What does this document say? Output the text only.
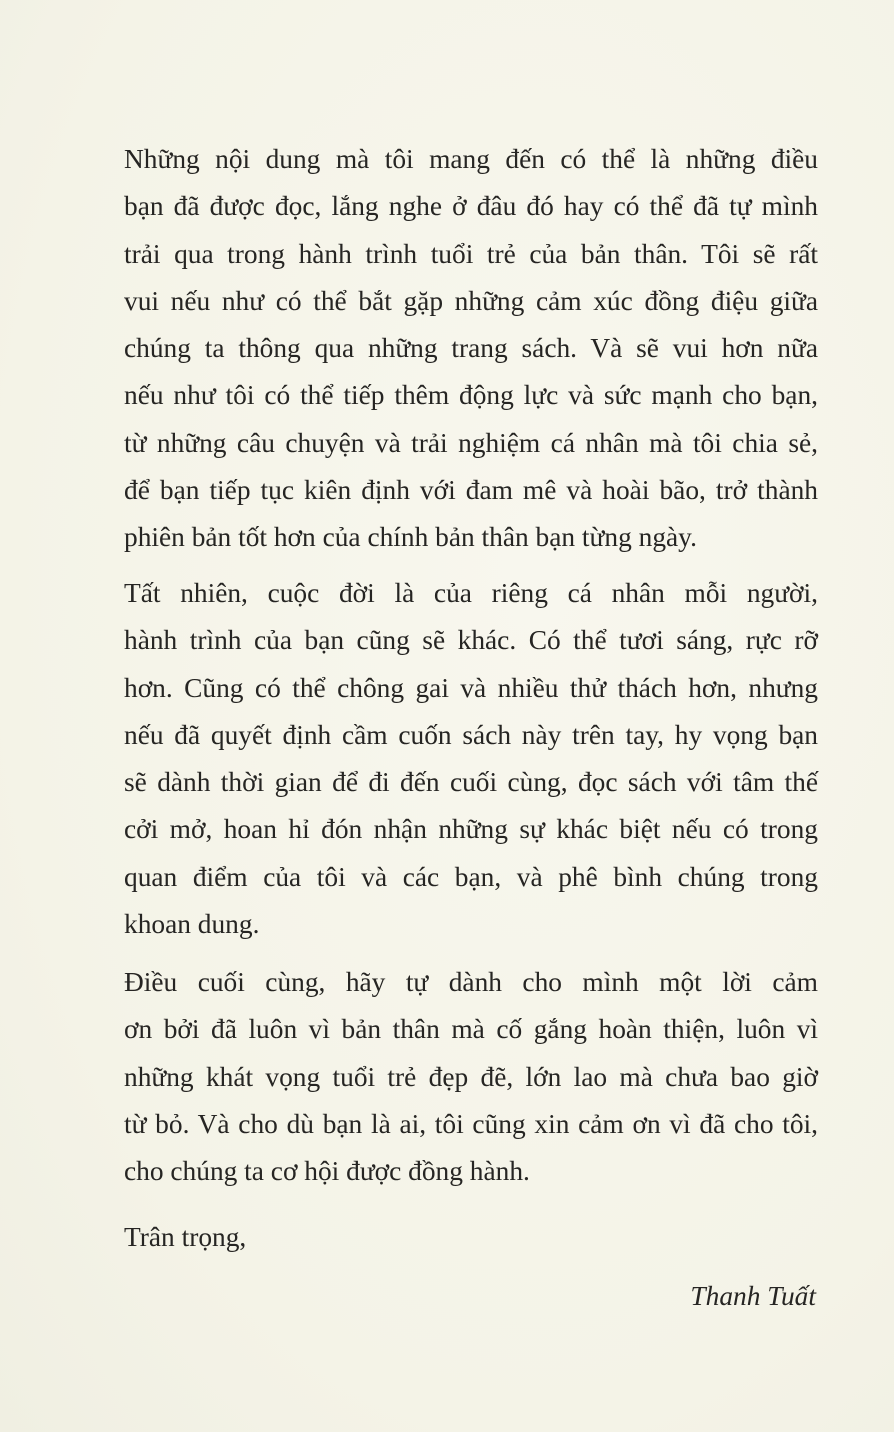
Những nội dung mà tôi mang đến có thể là những điều
bạn đã được đọc, lắng nghe ở đâu đó hay có thể đã tự mình
trải qua trong hành trình tuổi trẻ của bản thân. Tôi sẽ rất
vui nếu như có thể bắt gặp những cảm xúc đồng điệu giữa
chúng ta thông qua những trang sách. Và sẽ vui hơn nữa
nếu như tôi có thể tiếp thêm động lực và sức mạnh cho bạn,
từ những câu chuyện và trải nghiệm cá nhân mà tôi chia sẻ,
để bạn tiếp tục kiên định với đam mê và hoài bão, trở thành
phiên bản tốt hơn của chính bản thân bạn từng ngày.
Tất nhiên, cuộc đời là của riêng cá nhân mỗi người,
hành trình của bạn cũng sẽ khác. Có thể tươi sáng, rực rỡ
hơn. Cũng có thể chông gai và nhiều thử thách hơn, nhưng
nếu đã quyết định cầm cuốn sách này trên tay, hy vọng bạn
sẽ dành thời gian để đi đến cuối cùng, đọc sách với tâm thế
cởi mở, hoan hỉ đón nhận những sự khác biệt nếu có trong
quan điểm của tôi và các bạn, và phê bình chúng trong
khoan dung.
Điều cuối cùng, hãy tự dành cho mình một lời cảm
ơn bởi đã luôn vì bản thân mà cố gắng hoàn thiện, luôn vì
những khát vọng tuổi trẻ đẹp đẽ, lớn lao mà chưa bao giờ
từ bỏ. Và cho dù bạn là ai, tôi cũng xin cảm ơn vì đã cho tôi,
cho chúng ta cơ hội được đồng hành.

Trân trọng,

Thanh Tuất
